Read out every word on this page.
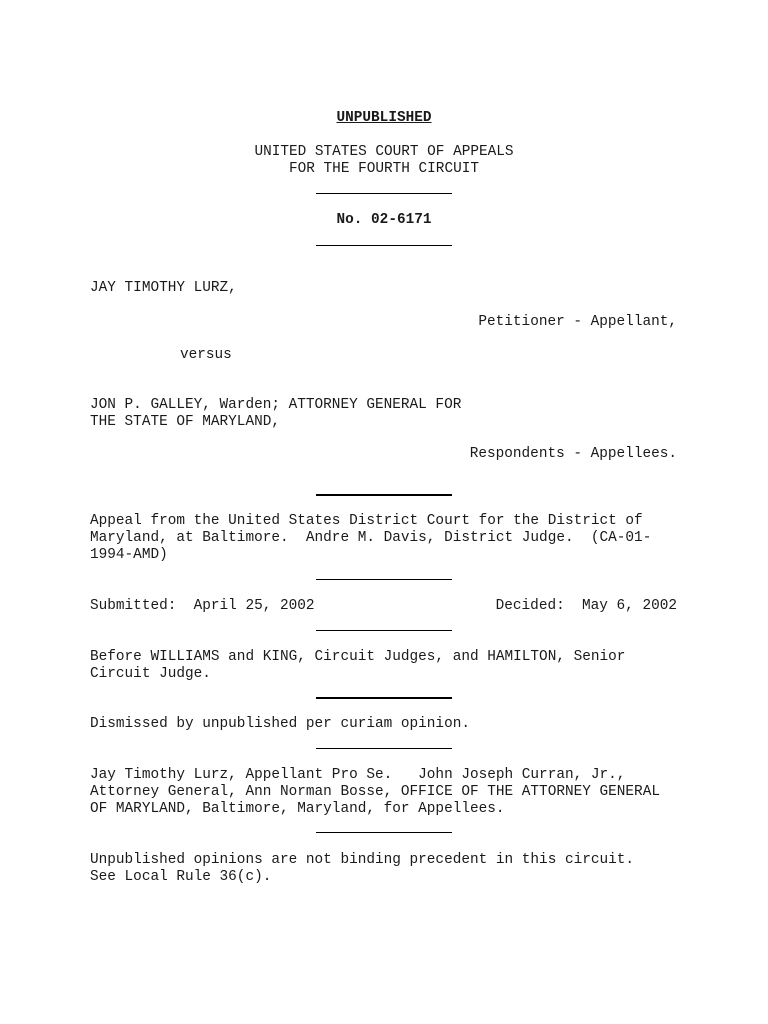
UNPUBLISHED
UNITED STATES COURT OF APPEALS
FOR THE FOURTH CIRCUIT
No. 02-6171
JAY TIMOTHY LURZ,
Petitioner - Appellant,
versus
JON P. GALLEY, Warden; ATTORNEY GENERAL FOR
THE STATE OF MARYLAND,
Respondents - Appellees.
Appeal from the United States District Court for the District of
Maryland, at Baltimore.  Andre M. Davis, District Judge.  (CA-01-
1994-AMD)
Submitted:  April 25, 2002	Decided:  May 6, 2002
Before WILLIAMS and KING, Circuit Judges, and HAMILTON, Senior
Circuit Judge.
Dismissed by unpublished per curiam opinion.
Jay Timothy Lurz, Appellant Pro Se.   John Joseph Curran, Jr.,
Attorney General, Ann Norman Bosse, OFFICE OF THE ATTORNEY GENERAL
OF MARYLAND, Baltimore, Maryland, for Appellees.
Unpublished opinions are not binding precedent in this circuit.
See Local Rule 36(c).
